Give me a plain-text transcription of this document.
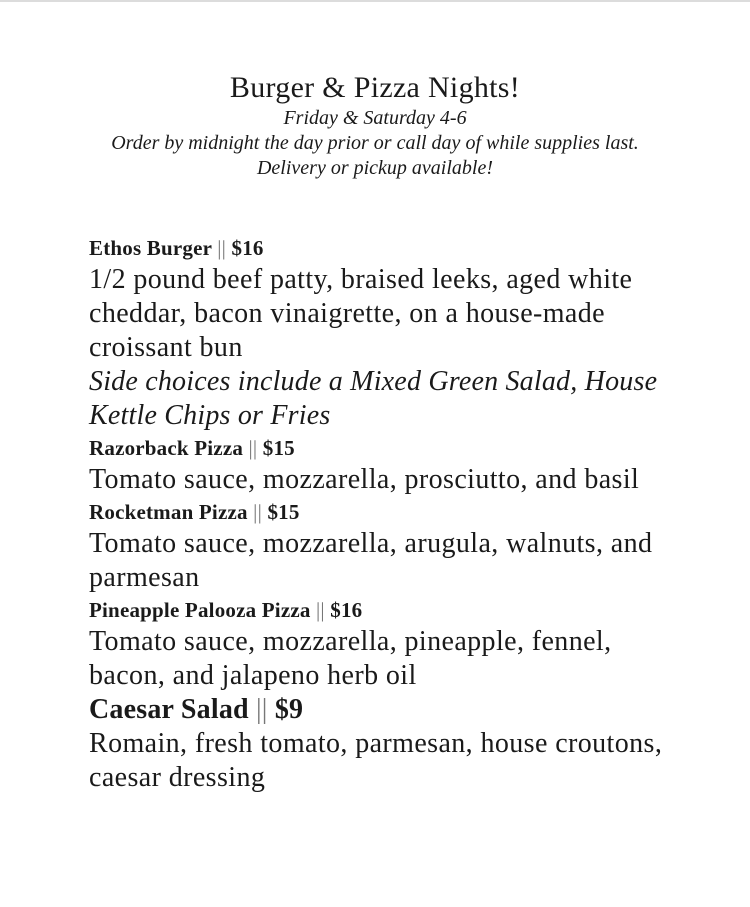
Burger & Pizza Nights!
Friday & Saturday 4-6
Order by midnight the day prior or call day of while supplies last.
Delivery or pickup available!
Ethos Burger || $16
1/2 pound beef patty, braised leeks, aged white cheddar, bacon vinaigrette, on a house-made croissant bun
Side choices include a Mixed Green Salad, House Kettle Chips or Fries
Razorback Pizza || $15
Tomato sauce, mozzarella, prosciutto, and basil
Rocketman Pizza || $15
Tomato sauce, mozzarella, arugula, walnuts, and parmesan
Pineapple Palooza Pizza || $16
Tomato sauce, mozzarella, pineapple, fennel, bacon, and jalapeno herb oil
Caesar Salad || $9
Romain, fresh tomato, parmesan, house croutons, caesar dressing
